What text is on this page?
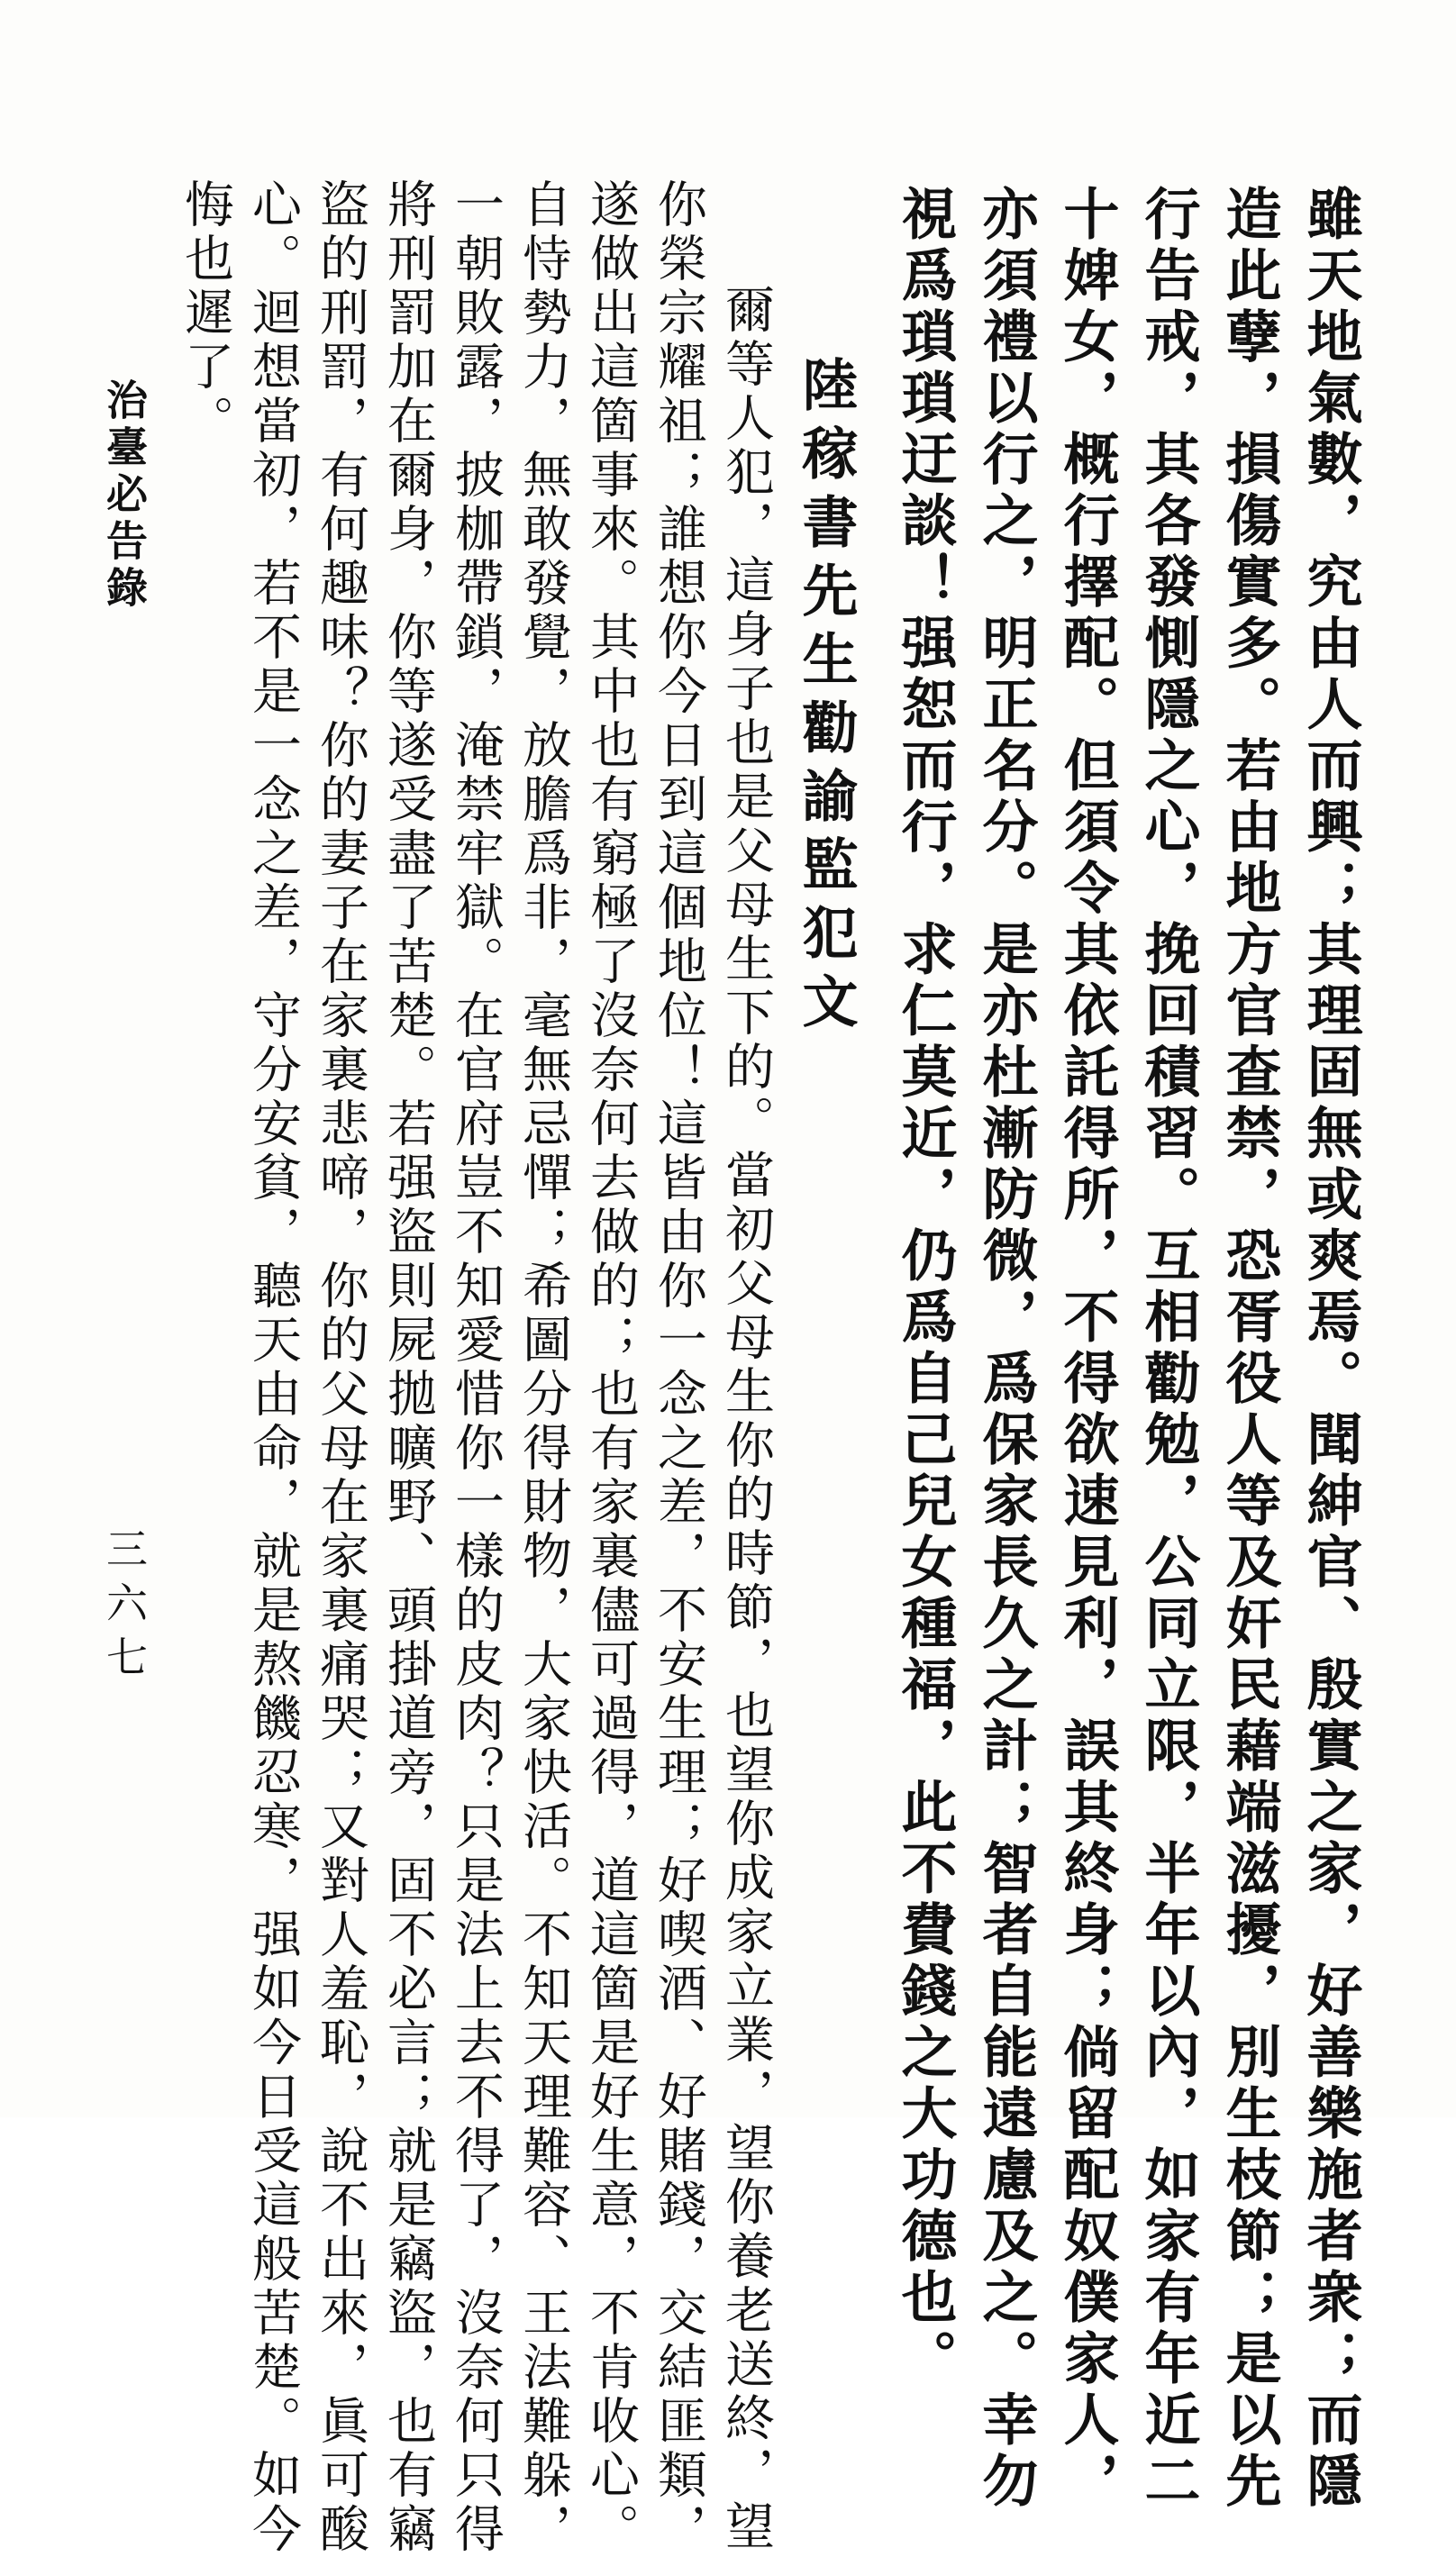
雖天地氣數，究由人而興；其理固無或爽焉。聞紳官、殷實之家，好善樂施者衆；而隱

造此孽，損傷實多。若由地方官查禁，恐胥役人等及奸民藉端滋擾，別生枝節；是以先

行告戒，其各發惻隱之心，挽回積習。互相勸勉，公同立限，半年以內，如家有年近二

十婢女，概行擇配。但須令其依託得所，不得欲速見利，誤其終身；倘留配奴僕家人，

亦須禮以行之，明正名分。是亦杜漸防微，爲保家長久之計；智者自能遠慮及之。幸勿

視爲瑣瑣迂談！强恕而行，求仁莫近，仍爲自己兒女種福，此不費錢之大功德也。

陸稼書先生勸諭監犯文

爾等人犯，這身子也是父母生下的。當初父母生你的時節，也望你成家立業，望你養老送終，望

你榮宗耀祖；誰想你今日到這個地位！這皆由你一念之差，不安生理；好喫酒、好賭錢，交結匪類，

遂做出這箇事來。其中也有窮極了沒奈何去做的；也有家裏儘可過得，道這箇是好生意，不肯收心。

自恃勢力，無敢發覺，放膽爲非，毫無忌憚；希圖分得財物，大家快活。不知天理難容、王法難躲，

一朝敗露，披枷帶鎖，淹禁牢獄。在官府豈不知愛惜你一樣的皮肉？只是法上去不得了，沒奈何只得

將刑罰加在爾身，你等遂受盡了苦楚。若强盜則屍拋曠野、頭掛道旁，固不必言；就是竊盜，也有竊

盜的刑罰，有何趣味？你的妻子在家裏悲啼，你的父母在家裏痛哭；又對人羞恥，說不出來，眞可酸

心。迴想當初，若不是一念之差，守分安貧，聽天由命，就是熬饑忍寒，强如今日受這般苦楚。如今

悔也遲了。

治臺必告錄
三六七
